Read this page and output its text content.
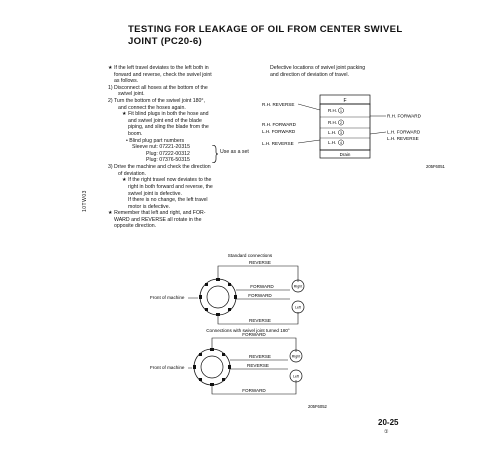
TESTING FOR LEAKAGE OF OIL FROM CENTER SWIVEL
JOINT (PC20-6)
10TW03

★ If the left travel deviates to the left both in

forward and reverse, check the swivel joint

as follows.

1) Disconnect all hoses at the bottom of the

swivel joint.

2) Turn the bottom of the swivel joint 180°,

and connect the hoses again.

★ Fit blind plugs in both the hose and

and swivel joint end of the blade

piping, and sling the blade from the

boom.

• Blind plug part numbers

Sleeve nut: 07221-20315

Plug: 07222-00312

Plug: 07376-50315

Use as a set

3) Drive the machine and check the direction

of deviation.

★ If the right travel now deviates to the

right in both forward and reverse, the

swivel joint is defective.

If there is no change, the left travel

motor is defective.

★ Remember that left and right, and FOR-

WARD and REVERSE all rotate in the

opposite direction.

Defective locations of swivel joint packing

and direction of deviation of travel.

F
Drain
R.H. 1
R.H. 2
L.H. 3
L.H. 4
R.H. REVERSE
R.H. FORWARD
L.H. FORWARD
L.H. REVERSE
R.H. FORWARD
L.H. FORWARD
L.H. REVERSE
205F6051
Standard connections
Front of machine
REVERSE
FORWARD
FORWARD
REVERSE
Right
Left
Connections with swivel joint turned 180°
Front of machine
FORWARD
REVERSE
REVERSE
FORWARD
Right
Left
205F6052
20-25
①
